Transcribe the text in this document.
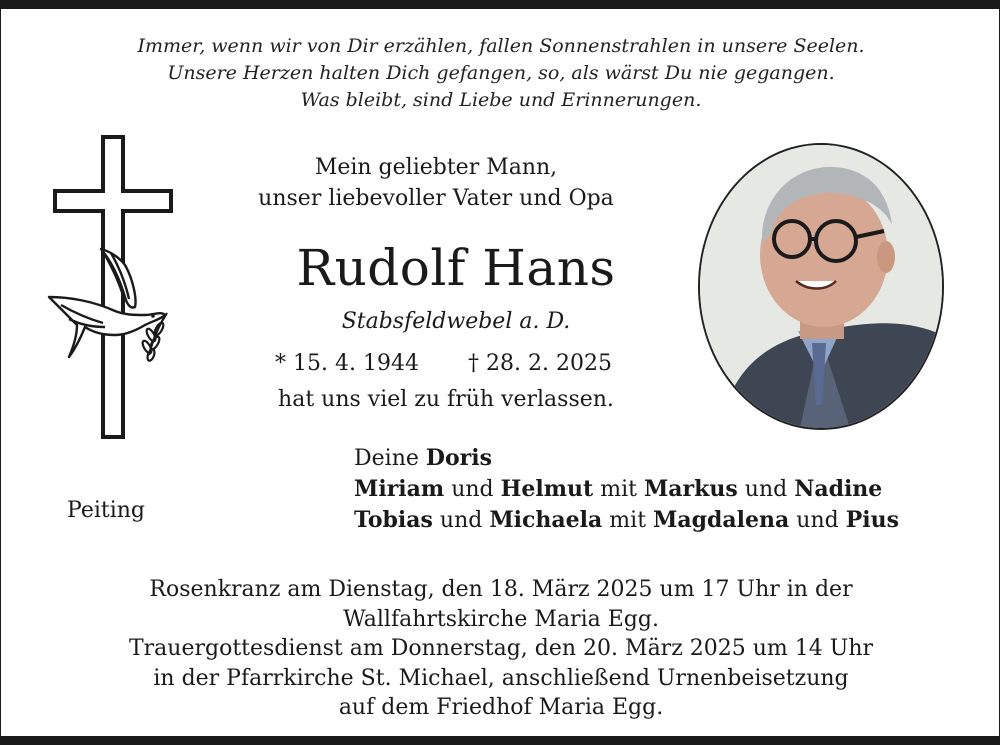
Immer, wenn wir von Dir erzählen, fallen Sonnenstrahlen in unsere Seelen.
Unsere Herzen halten Dich gefangen, so, als wärst Du nie gegangen.
Was bleibt, sind Liebe und Erinnerungen.
Mein geliebter Mann,
unser liebevoller Vater und Opa
Rudolf Hans
Stabsfeldwebel a. D.
* 15. 4. 1944 † 28. 2. 2025
hat uns viel zu früh verlassen.
Peiting
Deine Doris
Miriam und Helmut mit Markus und Nadine
Tobias und Michaela mit Magdalena und Pius
Rosenkranz am Dienstag, den 18. März 2025 um 17 Uhr in der
Wallfahrtskirche Maria Egg.
Trauergottesdienst am Donnerstag, den 20. März 2025 um 14 Uhr
in der Pfarrkirche St. Michael, anschließend Urnenbeisetzung
auf dem Friedhof Maria Egg.
